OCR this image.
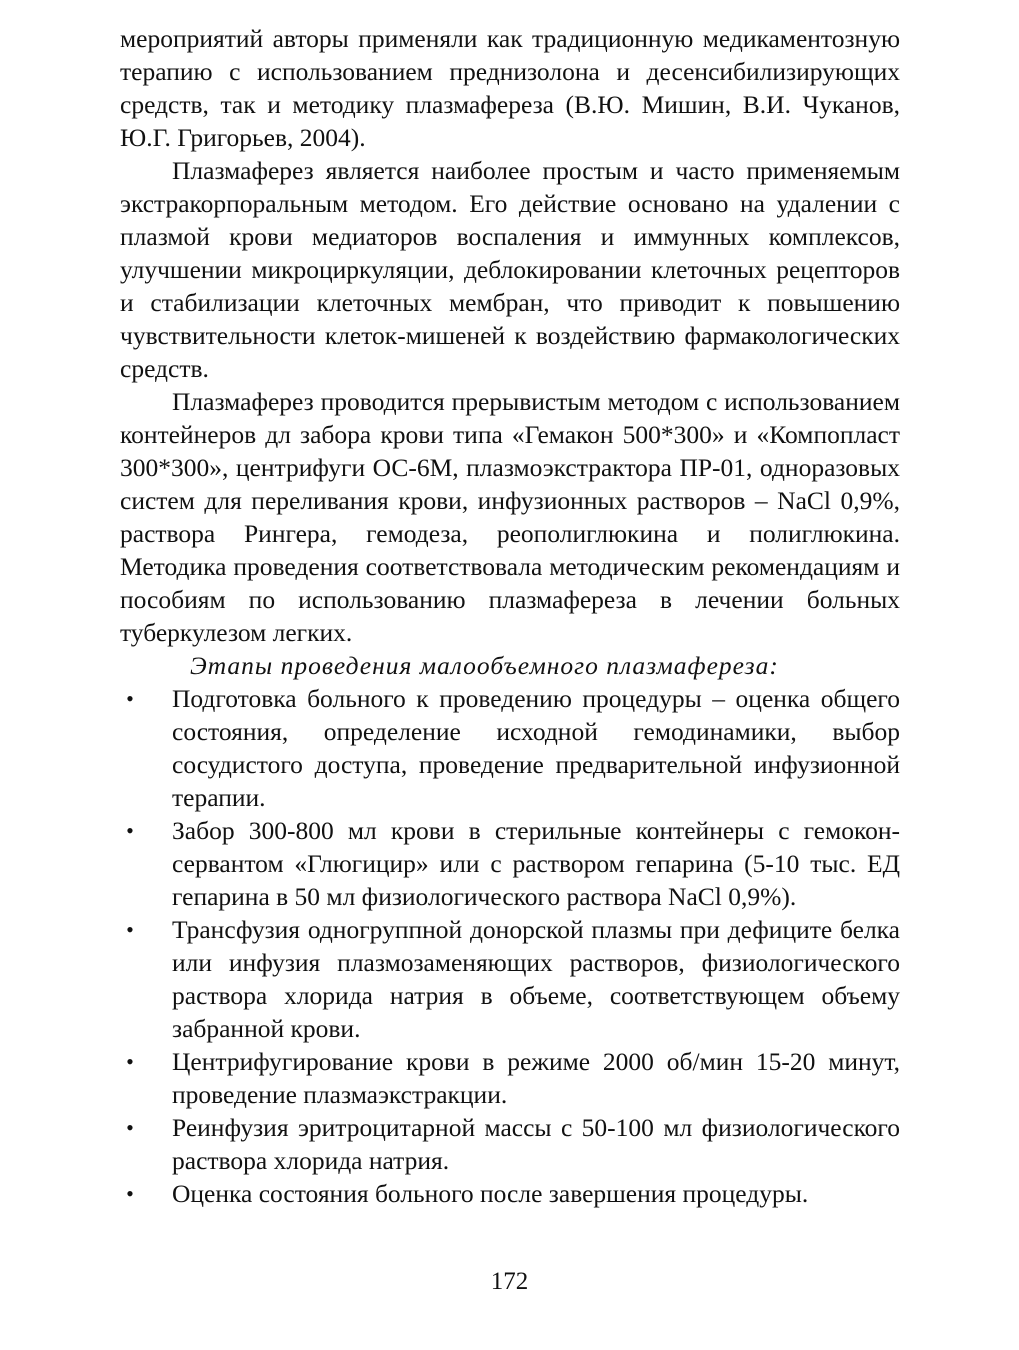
мероприятий авторы применяли как традиционную медикаментозную терапию с использованием преднизолона и десенсибилизирующих средств, так и методику плазмафереза (В.Ю. Мишин, В.И. Чуканов, Ю.Г. Григорьев, 2004).

Плазмаферез является наиболее простым и часто применяемым экстракорпоральным методом. Его действие основано на удалении с плазмой крови медиаторов воспаления и иммунных комплексов, улучшении микроциркуляции, деблокировании клеточных рецепторов и стабилизации клеточных мембран, что приводит к повышению чувствительности клеток-мишеней к воздействию фармакологических средств.

Плазмаферез проводится прерывистым методом с использованием контейнеров дл забора крови типа «Гемакон 500*300» и «Компопласт 300*300», центрифуги ОС-6М, плазмоэкстрактора ПР-01, одноразовых систем для переливания крови, инфузионных растворов – NaCl 0,9%, раствора Рингера, гемодеза, реополиглюкина и полиглюкина. Методика проведения соответствовала методическим рекомендациям и пособиям по использованию плазмафереза в лечении больных туберкулезом легких.

Этапы проведения малообъемного плазмафереза:

• Подготовка больного к проведению процедуры – оценка общего состояния, определение исходной гемодинамики, выбор сосудистого доступа, проведение предварительной инфузионной терапии.
• Забор 300-800 мл крови в стерильные контейнеры с гемоконсервантом «Глюгицир» или с раствором гепарина (5-10 тыс. ЕД гепарина в 50 мл физиологического раствора NaCl 0,9%).
• Трансфузия одногруппной донорской плазмы при дефиците белка или инфузия плазмозаменяющих растворов, физиологического раствора хлорида натрия в объеме, соответствующем объему забранной крови.
• Центрифугирование крови в режиме 2000 об/мин 15-20 минут, проведение плазмаэкстракции.
• Реинфузия эритроцитарной массы с 50-100 мл физиологического раствора хлорида натрия.
• Оценка состояния больного после завершения процедуры.
172
